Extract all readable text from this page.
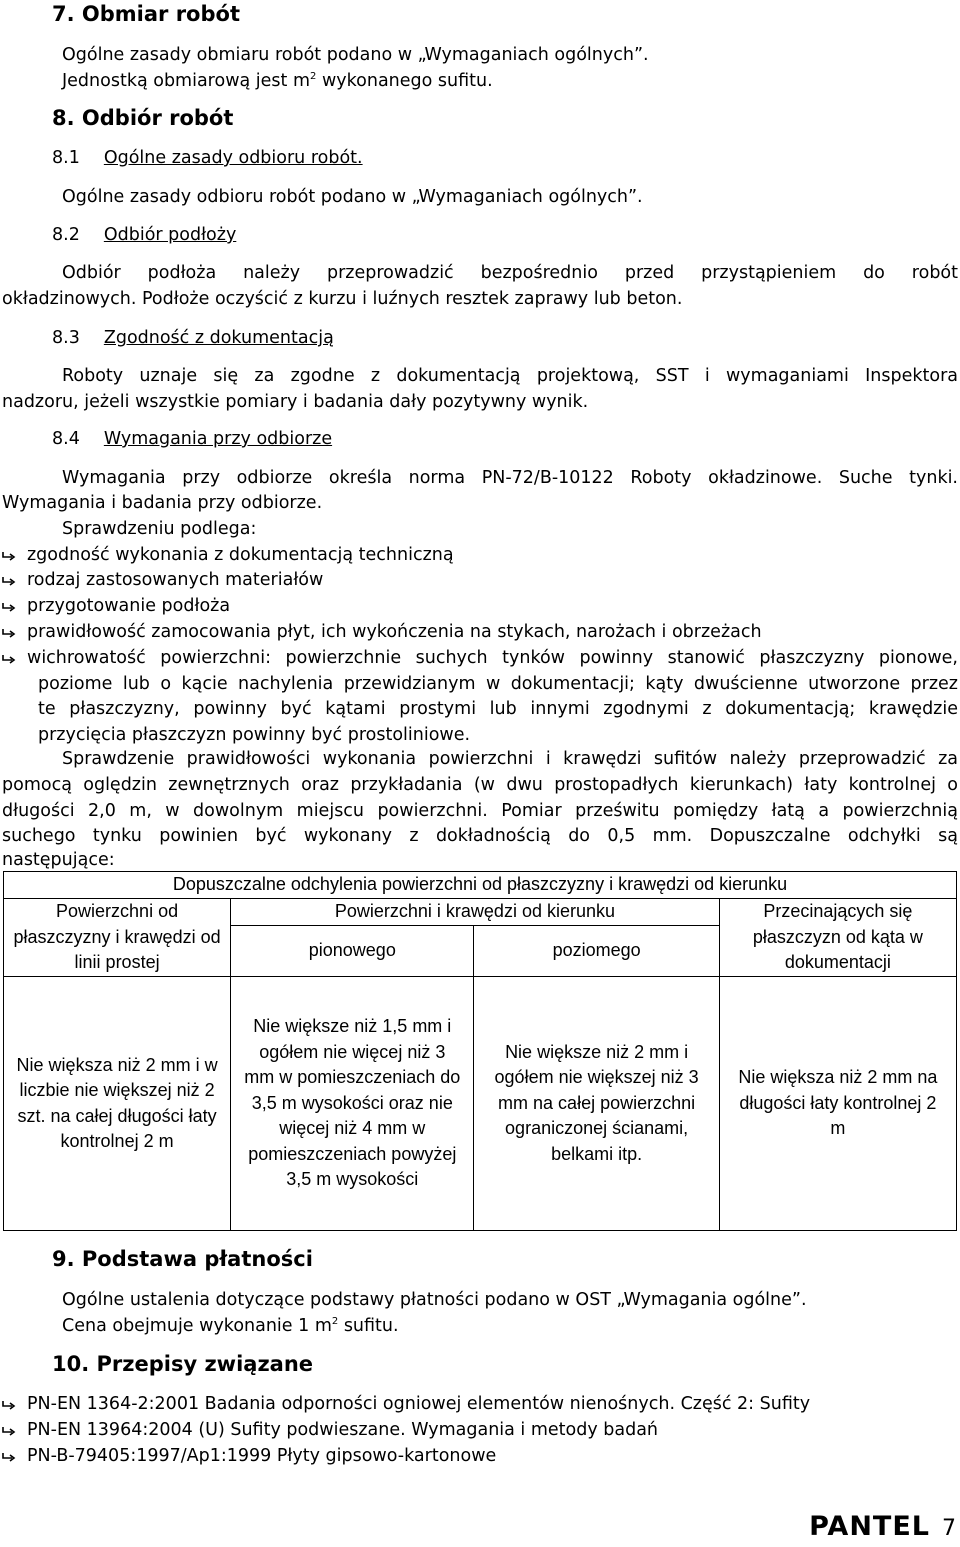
7. Obmiar robót
Ogólne zasady obmiaru robót podano w „Wymaganiach ogólnych”.
Jednostką obmiarową jest $m^2$ wykonanego sufitu.
8. Odbiór robót
8.1 Ogólne zasady odbioru robót.
Ogólne zasady odbioru robót podano w „Wymaganiach ogólnych”.
8.2 Odbiór podłoży
Odbiór podłoża należy przeprowadzić bezpośrednio przed przystąpieniem do robót
okładzinowych. Podłoże oczyścić z kurzu i luźnych resztek zaprawy lub beton.
8.3 Zgodność z dokumentacją
Roboty uznaje się za zgodne z dokumentacją projektową, SST i wymaganiami Inspektora
nadzoru, jeżeli wszystkie pomiary i badania dały pozytywny wynik.
8.4 Wymagania przy odbiorze
Wymagania przy odbiorze określa norma PN-72/B-10122 Roboty okładzinowe. Suche tynki.
Wymagania i badania przy odbiorze.
Sprawdzeniu podlega:
zgodność wykonania z dokumentacją techniczną
rodzaj zastosowanych materiałów
przygotowanie podłoża
prawidłowość zamocowania płyt, ich wykończenia na stykach, narożach i obrzeżach
wichrowatość powierzchni: powierzchnie suchych tynków powinny stanowić płaszczyzny pionowe,
poziome lub o kącie nachylenia przewidzianym w dokumentacji; kąty dwuścienne utworzone przez
te płaszczyzny, powinny być kątami prostymi lub innymi zgodnymi z dokumentacją; krawędzie
przycięcia płaszczyzn powinny być prostoliniowe.
Sprawdzenie prawidłowości wykonania powierzchni i krawędzi sufitów należy przeprowadzić za
pomocą oględzin zewnętrznych oraz przykładania (w dwu prostopadłych kierunkach) łaty kontrolnej o
długości 2,0 m, w dowolnym miejscu powierzchni. Pomiar prześwitu pomiędzy łatą a powierzchnią
suchego tynku powinien być wykonany z dokładnością do 0,5 mm. Dopuszczalne odchyłki są
następujące:
Dopuszczalne odchylenia powierzchni od płaszczyzny i krawędzi od kierunku			
Powierzchni od płaszczyzny i krawędzi od linii prostej	Powierzchni i krawędzi od kierunku		Przecinających się płaszczyzn od kąta w dokumentacji
	pionowego	poziomego	
Nie większa niż 2 mm i w liczbie nie większej niż 2 szt. na całej długości łaty kontrolnej 2 m	Nie większe niż 1,5 mm i ogółem nie więcej niż 3 mm w pomieszczeniach do 3,5 m wysokości oraz nie więcej niż 4 mm w pomieszczeniach powyżej 3,5 m wysokości	Nie większe niż 2 mm i ogółem nie większej niż 3 mm na całej powierzchni ograniczonej ścianami, belkami itp.	Nie większa niż 2 mm na długości łaty kontrolnej 2 m
9. Podstawa płatności
Ogólne ustalenia dotyczące podstawy płatności podano w OST „Wymagania ogólne”.
Cena obejmuje wykonanie 1 $m^2$ sufitu.
10. Przepisy związane
PN-EN 1364-2:2001 Badania odporności ogniowej elementów nienośnych. Część 2: Sufity
PN-EN 13964:2004 (U) Sufity podwieszane. Wymagania i metody badań
PN-B-79405:1997/Ap1:1999 Płyty gipsowo-kartonowe
PANTEL 7
